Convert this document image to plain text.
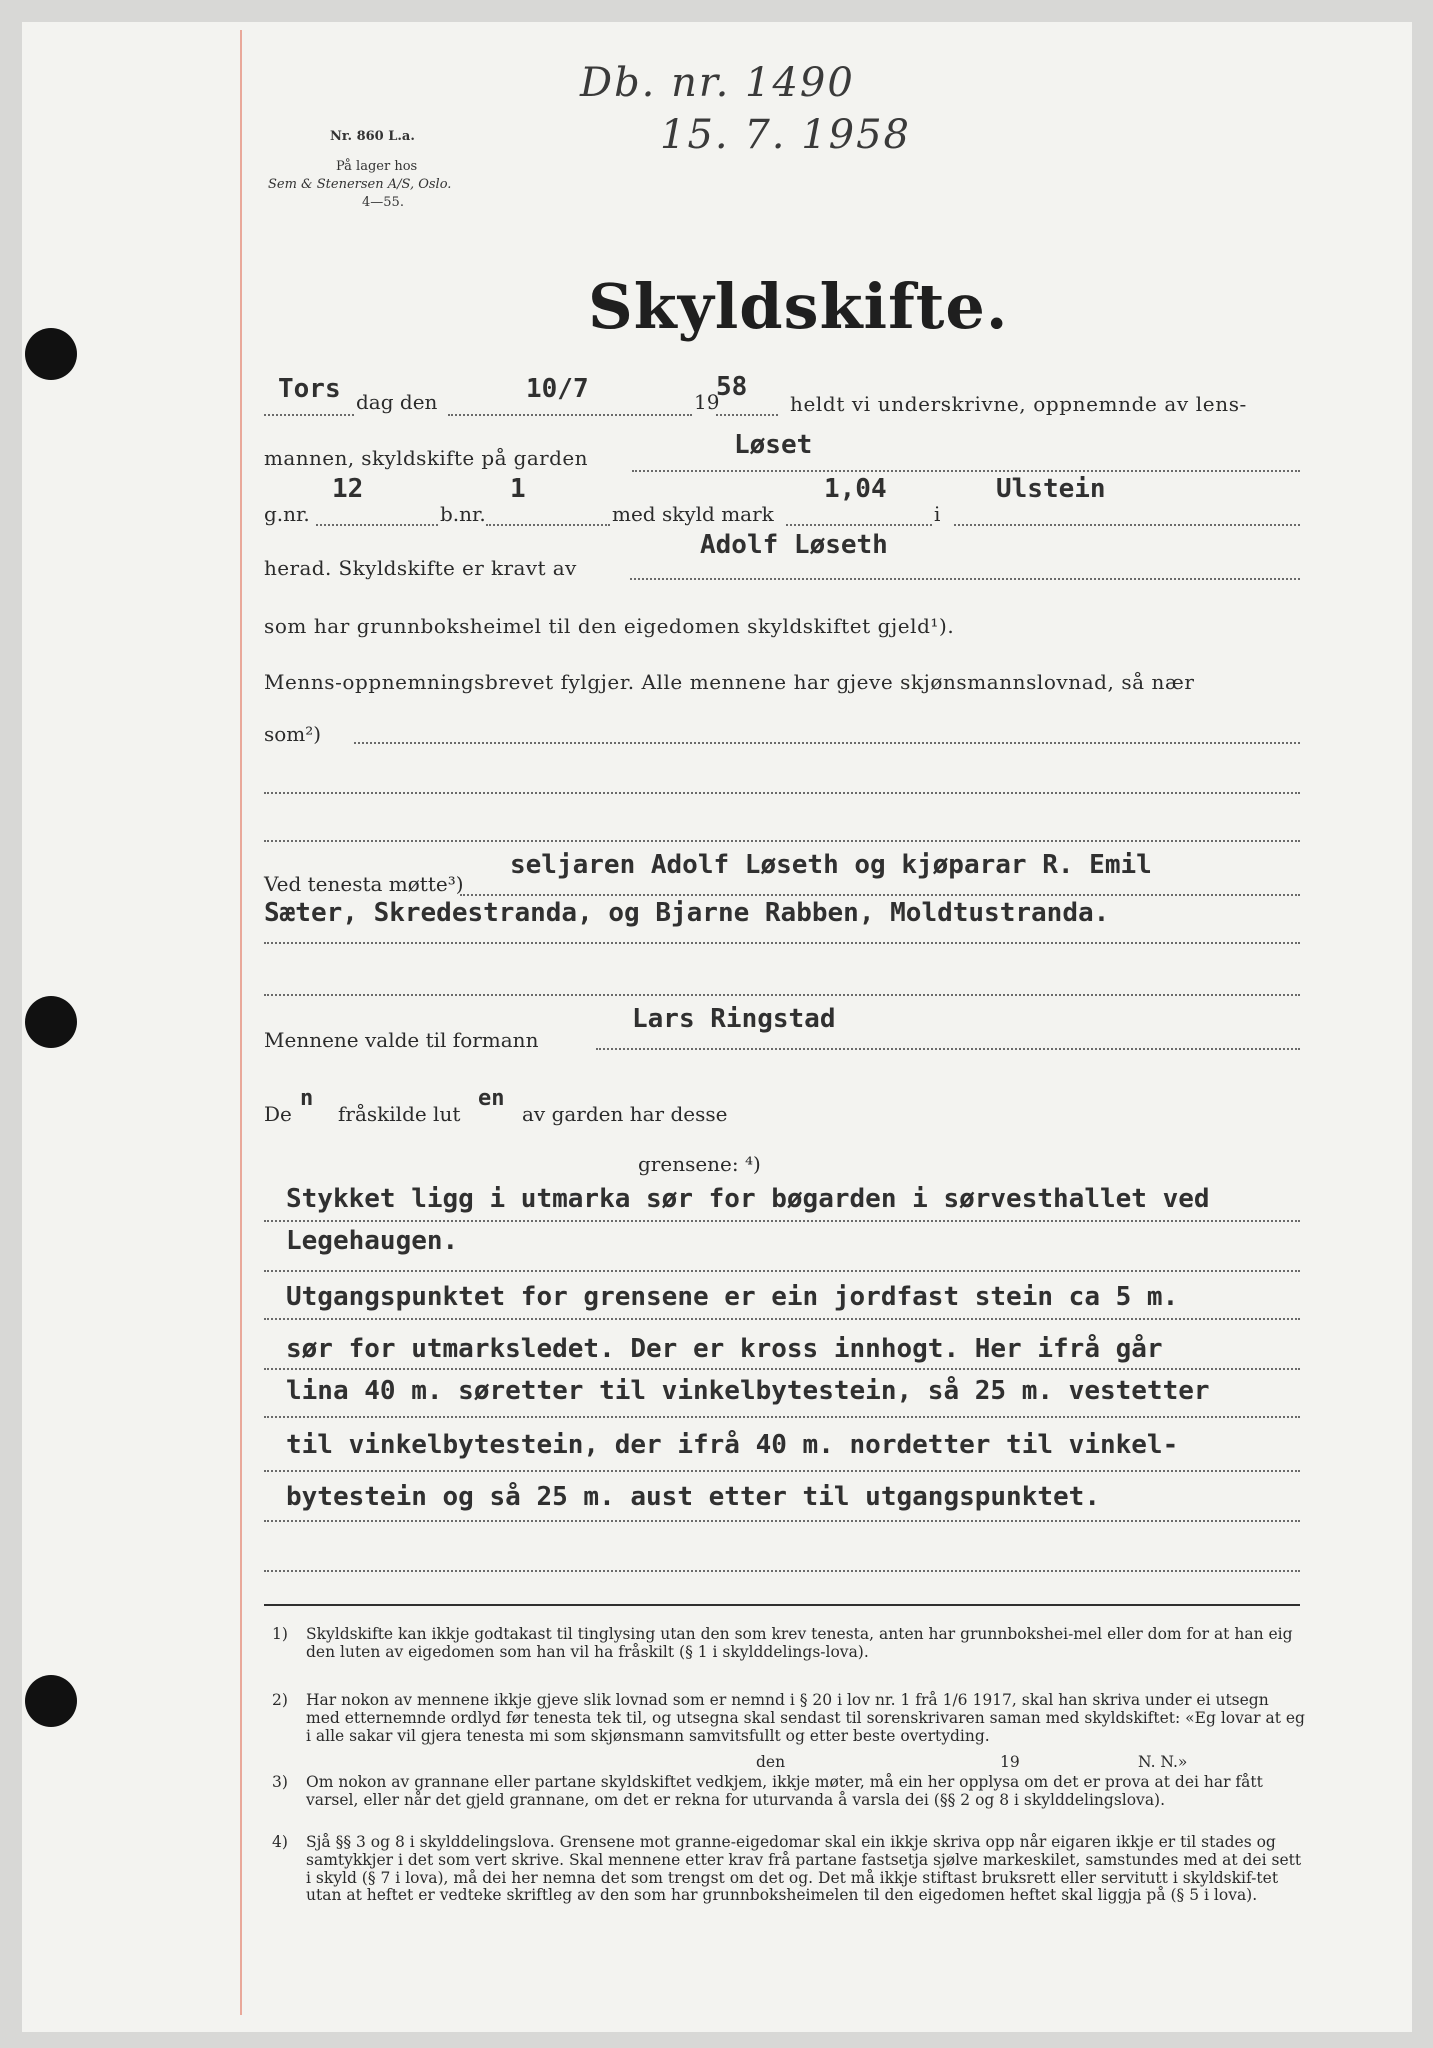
Db. nr. 1490
15. 7. 1958
Nr. 860 L.a.
På lager hos
Sem & Stenersen A/S, Oslo.
4—55.
Skyldskifte.
Tors dag den	10/7	19
58
heldt vi underskrivne, oppnemnde av lens-
mannen, skyldskifte på garden	Løset
g.nr.
12
b.nr.
1
med skyld mark
1,04
i
Ulstein
herad. Skyldskifte er kravt av
Adolf Løseth
som har grunnboksheimel til den eigedomen skyldskiftet gjeld¹).
Menns-oppnemningsbrevet fylgjer. Alle mennene har gjeve skjønsmannslovnad, så nær
som²)
Ved tenesta møtte³)
seljaren Adolf Løseth og kjøparar R. Emil
Sæter, Skredestranda, og Bjarne Rabben, Moldtustranda.
Mennene valde til formann
Lars Ringstad
De
n
fråskilde lut
en
av garden har desse
grensene: ⁴)
Stykket ligg i utmarka sør for bøgarden i sørvesthallet ved
Legehaugen.
Utgangspunktet for grensene er ein jordfast stein ca 5 m.
sør for utmarksledet. Der er kross innhogt. Her ifrå går
lina 40 m. søretter til vinkelbytestein, så 25 m. vestetter
til vinkelbytestein, der ifrå 40 m. nordetter til vinkel-
bytestein og så 25 m. aust etter til utgangspunktet.
1) Skyldskifte kan ikkje godtakast til tinglysing utan den som krev tenesta, anten har grunnbokshei-mel eller dom for at han eig den luten av eigedomen som han vil ha fråskilt (§ 1 i skylddelings-lova).
2) Har nokon av mennene ikkje gjeve slik lovnad som er nemnd i § 20 i lov nr. 1 frå 1/6 1917, skal han skriva under ei utsegn med etternemnde ordlyd før tenesta tek til, og utsegna skal sendast til sorenskrivaren saman med skyldskiftet: «Eg lovar at eg i alle sakar vil gjera tenesta mi som skjønsmann samvitsfullt og etter beste overtyding.
den	19	N. N.»
3) Om nokon av grannane eller partane skyldskiftet vedkjem, ikkje møter, må ein her opplysa om det er prova at dei har fått varsel, eller når det gjeld grannane, om det er rekna for uturvanda å varsla dei (§§ 2 og 8 i skylddelingslova).
4) Sjå §§ 3 og 8 i skylddelingslova. Grensene mot granne-eigedomar skal ein ikkje skriva opp når eigaren ikkje er til stades og samtykkjer i det som vert skrive. Skal mennene etter krav frå partane fastsetja sjølve markeskilet, samstundes med at dei sett i skyld (§ 7 i lova), må dei her nemna det som trengst om det og. Det må ikkje stiftast bruksrett eller servitutt i skyldskif-tet utan at heftet er vedteke skriftleg av den som har grunnboksheimelen til den eigedomen heftet skal liggja på (§ 5 i lova).
